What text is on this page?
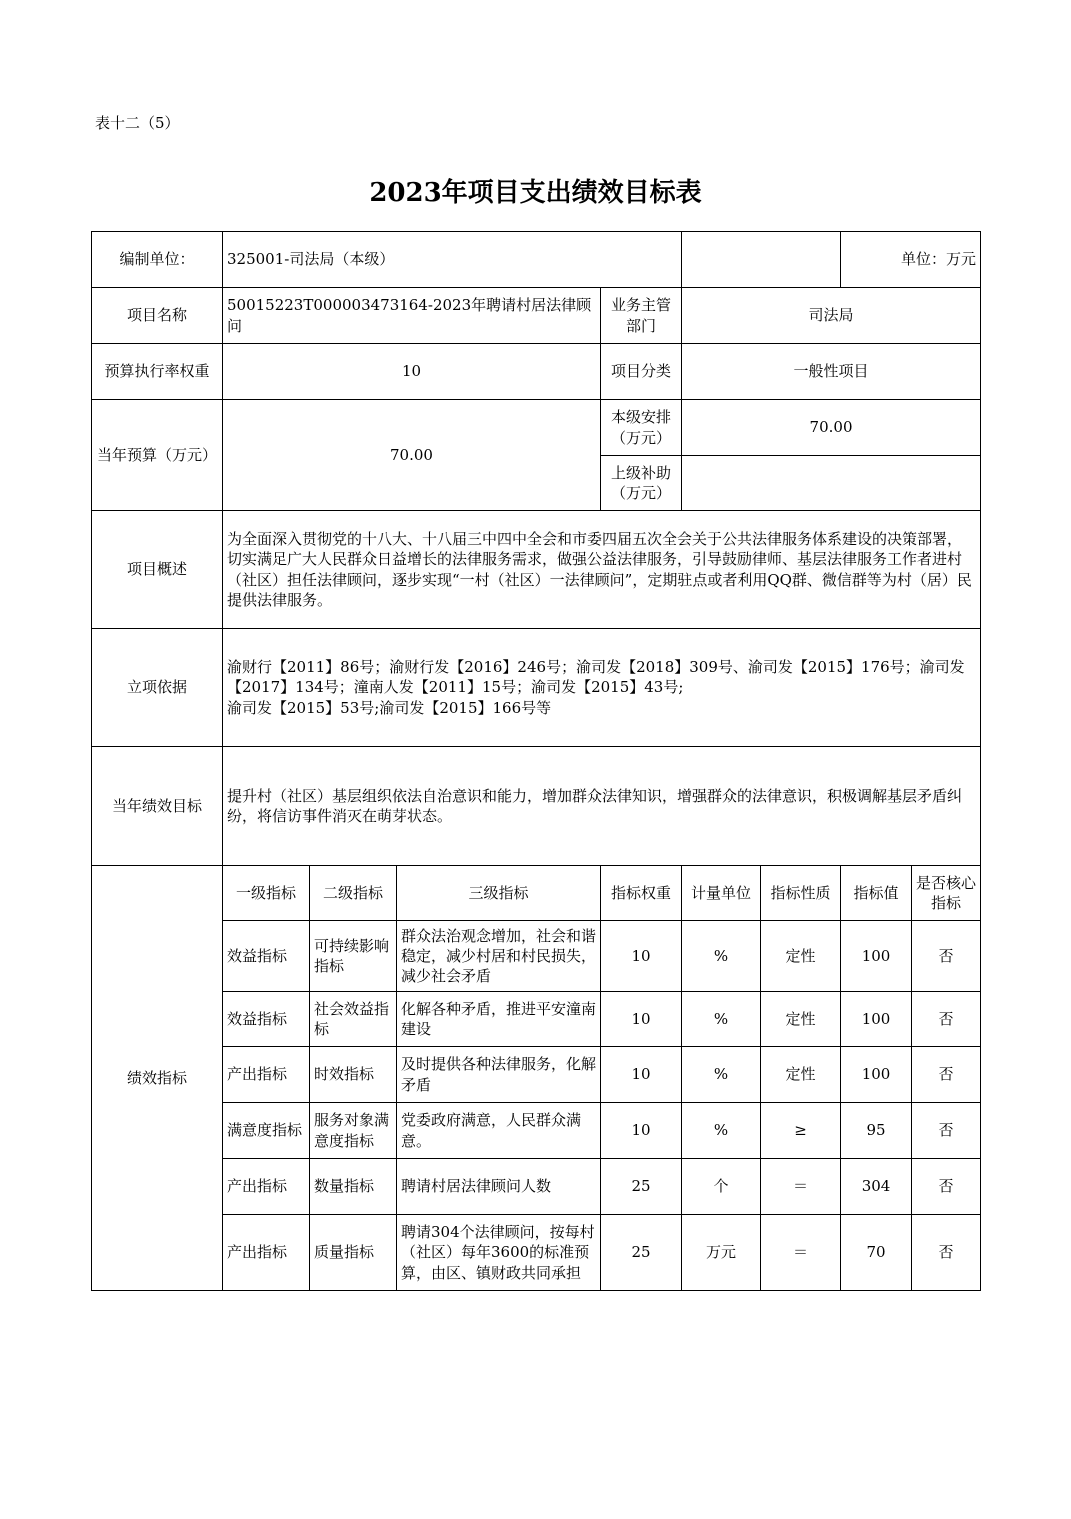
表十二（5）
2023年项目支出绩效目标表
编制单位：	325001-司法局（本级）						单位：万元	
项目名称	50015223T000003473164-2023年聘请村居法律顾问			业务主管部门	司法局			
预算执行率权重	10			项目分类	一般性项目			
当年预算（万元）	70.00			本级安排（万元）	70.00			
				上级补助（万元）				
项目概述	为全面深入贯彻党的十八大、十八届三中四中全会和市委四届五次全会关于公共法律服务体系建设的决策部署，切实满足广大人民群众日益增长的法律服务需求，做强公益法律服务，引导鼓励律师、基层法律服务工作者进村（社区）担任法律顾问，逐步实现“一村（社区）一法律顾问”，定期驻点或者利用QQ群、微信群等为村（居）民提供法律服务。							
立项依据	渝财行【2011】86号；渝财行发【2016】246号；渝司发【2018】309号、渝司发【2015】176号；渝司发【2017】134号；潼南人发【2011】15号；渝司发【2015】43号;
渝司发【2015】53号;渝司发【2015】166号等							

当年绩效目标	提升村（社区）基层组织依法自治意识和能力，增加群众法律知识，增强群众的法律意识，积极调解基层矛盾纠纷，将信访事件消灭在萌芽状态。							
绩效指标	一级指标	二级指标	三级指标	指标权重	计量单位	指标性质	指标值	是否核心指标
	效益指标	可持续影响指标	群众法治观念增加，社会和谐稳定，减少村居和村民损失，减少社会矛盾	10	%	定性	100	否
	效益指标	社会效益指标	化解各种矛盾，推进平安潼南建设	10	%	定性	100	否
	产出指标	时效指标	及时提供各种法律服务，化解矛盾	10	%	定性	100	否
	满意度指标	服务对象满意度指标	党委政府满意，人民群众满意。	10	%	≥	95	否
	产出指标	数量指标	聘请村居法律顾问人数	25	个	＝	304	否
	产出指标	质量指标	聘请304个法律顾问，按每村（社区）每年3600的标准预算，由区、镇财政共同承担	25	万元	＝	70	否
